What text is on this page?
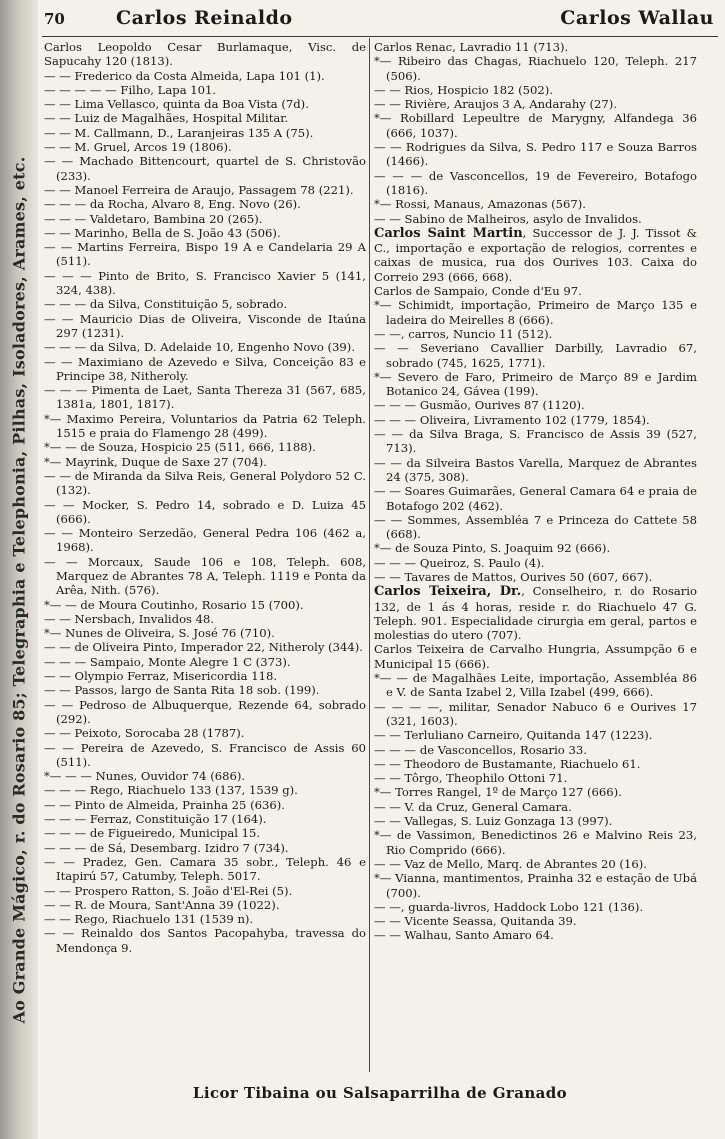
Ao Grande Mágico, r. do Rosario 85; Telegraphia e Telephonia, Pilhas, Isoladores, Arames, etc.
70	Carlos Reinaldo	Carlos Wallau
Carlos Leopoldo Cesar Burlamaque, Visc. de Sapucahy 120 (1813).
— — Frederico da Costa Almeida, Lapa 101 (1).
— — — — — Filho, Lapa 101.
— — Lima Vellasco, quinta da Boa Vista (7d).
— — Luiz de Magalhães, Hospital Militar.
— — M. Callmann, D., Laranjeiras 135 A (75).
— — M. Gruel, Arcos 19 (1806).
— — Machado Bittencourt, quartel de S. Christovão (233).
— — Manoel Ferreira de Araujo, Passagem 78 (221).
— — — da Rocha, Alvaro 8, Eng. Novo (26).
— — — Valdetaro, Bambina 20 (265).
— — Marinho, Bella de S. João 43 (506).
— — Martins Ferreira, Bispo 19 A e Candelaria 29 A (511).
— — — Pinto de Brito, S. Francisco Xavier 5 (141, 324, 438).
— — — da Silva, Constituição 5, sobrado.
— — Mauricio Dias de Oliveira, Visconde de Itaúna 297 (1231).
— — — da Silva, D. Adelaide 10, Engenho Novo (39).
— — Maximiano de Azevedo e Silva, Conceição 83 e Principe 38, Nitheroly.
— — — Pimenta de Laet, Santa Thereza 31 (567, 685, 1381a, 1801, 1817).
*— Maximo Pereira, Voluntarios da Patria 62 Teleph. 1515 e praia do Flamengo 28 (499).
*— — de Souza, Hospicio 25 (511, 666, 1188).
*— Mayrink, Duque de Saxe 27 (704).
— — de Miranda da Silva Reis, General Polydoro 52 C. (132).
— — Mocker, S. Pedro 14, sobrado e D. Luiza 45 (666).
— — Monteiro Serzedão, General Pedra 106 (462 a, 1968).
— — Morcaux, Saude 106 e 108, Teleph. 608, Marquez de Abrantes 78 A, Teleph. 1119 e Ponta da Arêa, Nith. (576).
*— — de Moura Coutinho, Rosario 15 (700).
— — Nersbach, Invalidos 48.
*— Nunes de Oliveira, S. José 76 (710).
— — de Oliveira Pinto, Imperador 22, Nitheroly (344).
— — — Sampaio, Monte Alegre 1 C (373).
— — Olympio Ferraz, Misericordia 118.
— — Passos, largo de Santa Rita 18 sob. (199).
— — Pedroso de Albuquerque, Rezende 64, sobrado (292).
— — Peixoto, Sorocaba 28 (1787).
— — Pereira de Azevedo, S. Francisco de Assis 60 (511).
*— — — Nunes, Ouvidor 74 (686).
— — — Rego, Riachuelo 133 (137, 1539 g).
— — Pinto de Almeida, Prainha 25 (636).
— — — Ferraz, Constituição 17 (164).
— — — de Figueiredo, Municipal 15.
— — — de Sá, Desembarg. Izidro 7 (734).
— — Pradez, Gen. Camara 35 sobr., Teleph. 46 e Itapirú 57, Catumby, Teleph. 5017.
— — Prospero Ratton, S. João d'El-Rei (5).
— — R. de Moura, Sant'Anna 39 (1022).
— — Rego, Riachuelo 131 (1539 n).
— — Reinaldo dos Santos Pacopahyba, travessa do Mendonça 9.
Carlos Renac, Lavradio 11 (713).
*— Ribeiro das Chagas, Riachuelo 120, Teleph. 217 (506).
— — Rios, Hospicio 182 (502).
— — Rivière, Araujos 3 A, Andarahy (27).
*— Robillard Lepeultre de Marygny, Alfandega 36 (666, 1037).
— — Rodrigues da Silva, S. Pedro 117 e Souza Barros (1466).
— — — de Vasconcellos, 19 de Fevereiro, Botafogo (1816).
*— Rossi, Manaus, Amazonas (567).
— — Sabino de Malheiros, asylo de Invalidos.
Carlos Saint Martin, Successor de J. J. Tissot & C., importação e exportação de relogios, correntes e caixas de musica, rua dos Ourives 103. Caixa do Correio 293 (666, 668).
Carlos de Sampaio, Conde d'Eu 97.
*— Schimidt, importação, Primeiro de Março 135 e ladeira do Meirelles 8 (666).
— —, carros, Nuncio 11 (512).
— — Severiano Cavallier Darbilly, Lavradio 67, sobrado (745, 1625, 1771).
*— Severo de Faro, Primeiro de Março 89 e Jardim Botanico 24, Gávea (199).
— — — Gusmão, Ourives 87 (1120).
— — — Oliveira, Livramento 102 (1779, 1854).
— — da Silva Braga, S. Francisco de Assis 39 (527, 713).
— — da Silveira Bastos Varella, Marquez de Abrantes 24 (375, 308).
— — Soares Guimarães, General Camara 64 e praia de Botafogo 202 (462).
— — Sommes, Assembléa 7 e Princeza do Cattete 58 (668).
*— de Souza Pinto, S. Joaquim 92 (666).
— — — Queiroz, S. Paulo (4).
— — Tavares de Mattos, Ourives 50 (607, 667).
Carlos Teixeira, Dr., Conselheiro, r. do Rosario 132, de 1 ás 4 horas, reside r. do Riachuelo 47 G. Teleph. 901. Especialidade cirurgia em geral, partos e molestias do utero (707).
Carlos Teixeira de Carvalho Hungria, Assumpção 6 e Municipal 15 (666).
*— — de Magalhães Leite, importação, Assembléa 86 e V. de Santa Izabel 2, Villa Izabel (499, 666).
— — — —, militar, Senador Nabuco 6 e Ourives 17 (321, 1603).
— — Terluliano Carneiro, Quitanda 147 (1223).
— — — de Vasconcellos, Rosario 33.
— — Theodoro de Bustamante, Riachuelo 61.
— — Tôrgo, Theophilo Ottoni 71.
*— Torres Rangel, 1º de Março 127 (666).
— — V. da Cruz, General Camara.
— — Vallegas, S. Luiz Gonzaga 13 (997).
*— de Vassimon, Benedictinos 26 e Malvino Reis 23, Rio Comprido (666).
— — Vaz de Mello, Marq. de Abrantes 20 (16).
*— Vianna, mantimentos, Prainha 32 e estação de Ubá (700).
— —, guarda-livros, Haddock Lobo 121 (136).
— — Vicente Seassa, Quitanda 39.
— — Walhau, Santo Amaro 64.
Licor Tibaina ou Salsaparrilha de Granado
